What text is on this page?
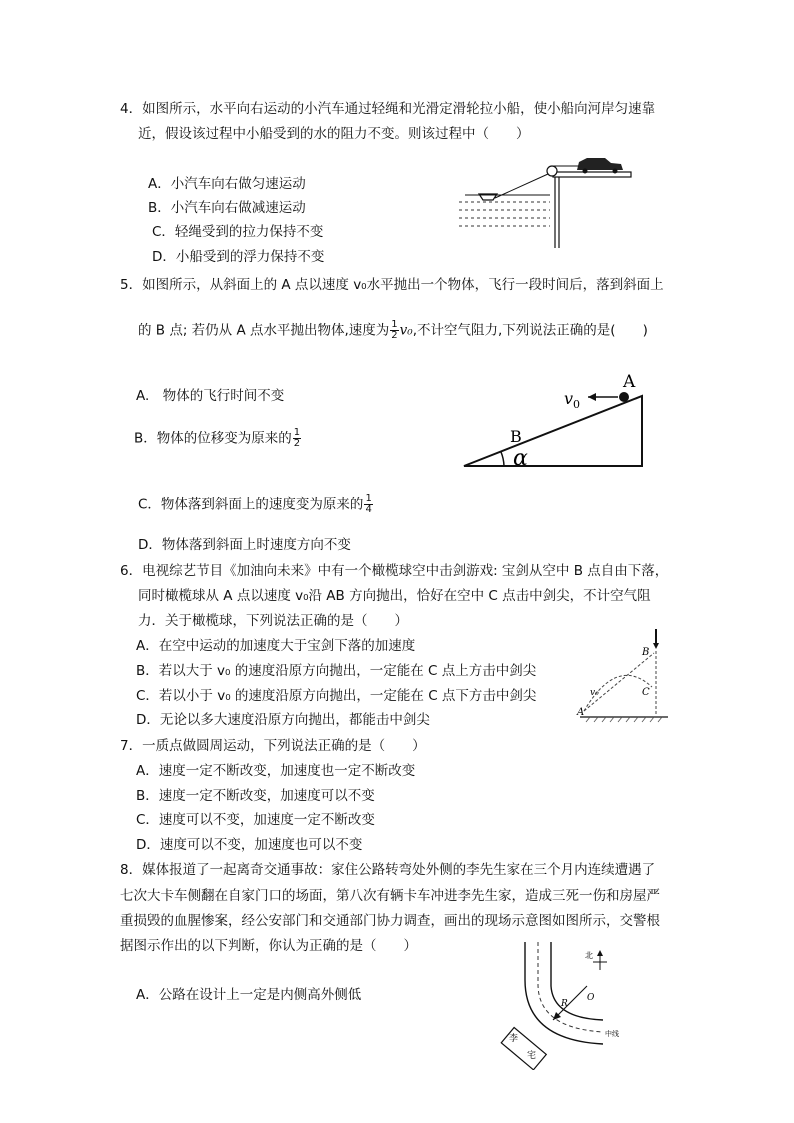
4．如图所示，水平向右运动的小汽车通过轻绳和光滑定滑轮拉小船，使小船向河岸匀速靠
近，假设该过程中小船受到的水的阻力不变。则该过程中（　　）
A．小汽车向右做匀速运动
B．小汽车向右做减速运动
C．轻绳受到的拉力保持不变
D．小船受到的浮力保持不变
5．如图所示，从斜面上的 A 点以速度 v₀水平抛出一个物体，飞行一段时间后，落到斜面上
的 B 点; 若仍从 A 点水平抛出物体,速度为 $\frac{1}{2} v_0$,不计空气阻力,下列说法正确的是(　　)
A.　物体的飞行时间不变
B．物体的位移变为原来的 $\frac{1}{2}$
C．物体落到斜面上的速度变为原来的 $\frac{1}{4}$
D．物体落到斜面上时速度方向不变
A
v 0
B
α
6．电视综艺节目《加油向未来》中有一个橄榄球空中击剑游戏: 宝剑从空中 B 点自由下落，
同时橄榄球从 A 点以速度 v₀沿 AB 方向抛出，恰好在空中 C 点击中剑尖，不计空气阻
力．关于橄榄球，下列说法正确的是（　　）
A．在空中运动的加速度大于宝剑下落的加速度
B．若以大于 v₀ 的速度沿原方向抛出，一定能在 C 点上方击中剑尖
C．若以小于 v₀ 的速度沿原方向抛出，一定能在 C 点下方击中剑尖
D．无论以多大速度沿原方向抛出，都能击中剑尖
B
C
A
v₀
7．一质点做圆周运动，下列说法正确的是（　　）
A．速度一定不断改变，加速度也一定不断改变
B．速度一定不断改变，加速度可以不变
C．速度可以不变，加速度一定不断改变
D．速度可以不变，加速度也可以不变
8．媒体报道了一起离奇交通事故：家住公路转弯处外侧的李先生家在三个月内连续遭遇了
七次大卡车侧翻在自家门口的场面，第八次有辆卡车冲进李先生家，造成三死一伤和房屋严
重损毁的血腥惨案，经公安部门和交通部门协力调查，画出的现场示意图如图所示，交警根
据图示作出的以下判断，你认为正确的是（　　）
A．公路在设计上一定是内侧高外侧低
北
R
O
中线
李
宅
